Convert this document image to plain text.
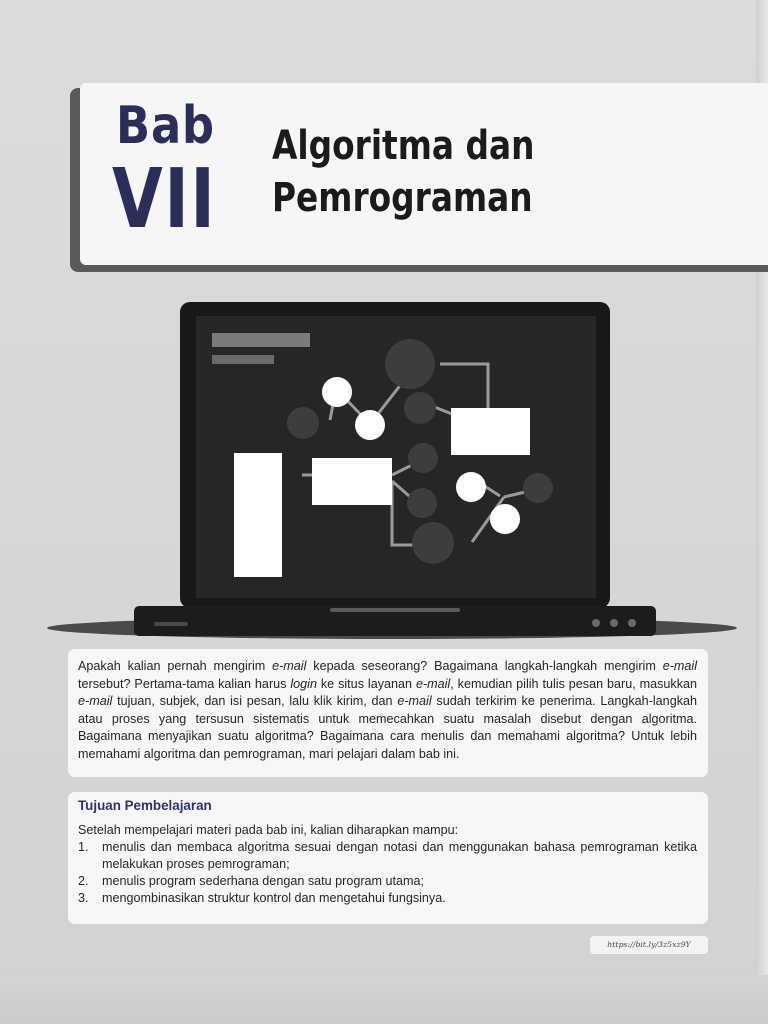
Bab
VII
Algoritma dan
Pemrograman

Apakah kalian pernah mengirim e-mail kepada seseorang? Bagaimana langkah-langkah mengirim e-mail tersebut? Pertama-tama kalian harus login ke situs layanan e-mail, kemudian pilih tulis pesan baru, masukkan e-mail tujuan, subjek, dan isi pesan, lalu klik kirim, dan e-mail sudah terkirim ke penerima. Langkah-langkah atau proses yang tersusun sistematis untuk memecahkan suatu masalah disebut dengan algoritma. Bagaimana menyajikan suatu algoritma? Bagaimana cara menulis dan memahami algoritma? Untuk lebih memahami algoritma dan pemrograman, mari pelajari dalam bab ini.

Tujuan Pembelajaran

Setelah mempelajari materi pada bab ini, kalian diharapkan mampu:

1. menulis dan membaca algoritma sesuai dengan notasi dan menggunakan bahasa pemrograman ketika melakukan proses pemrograman;
2. menulis program sederhana dengan satu program utama;
3. mengombinasikan struktur kontrol dan mengetahui fungsinya.
https://bit.ly/3z5xz9Y
